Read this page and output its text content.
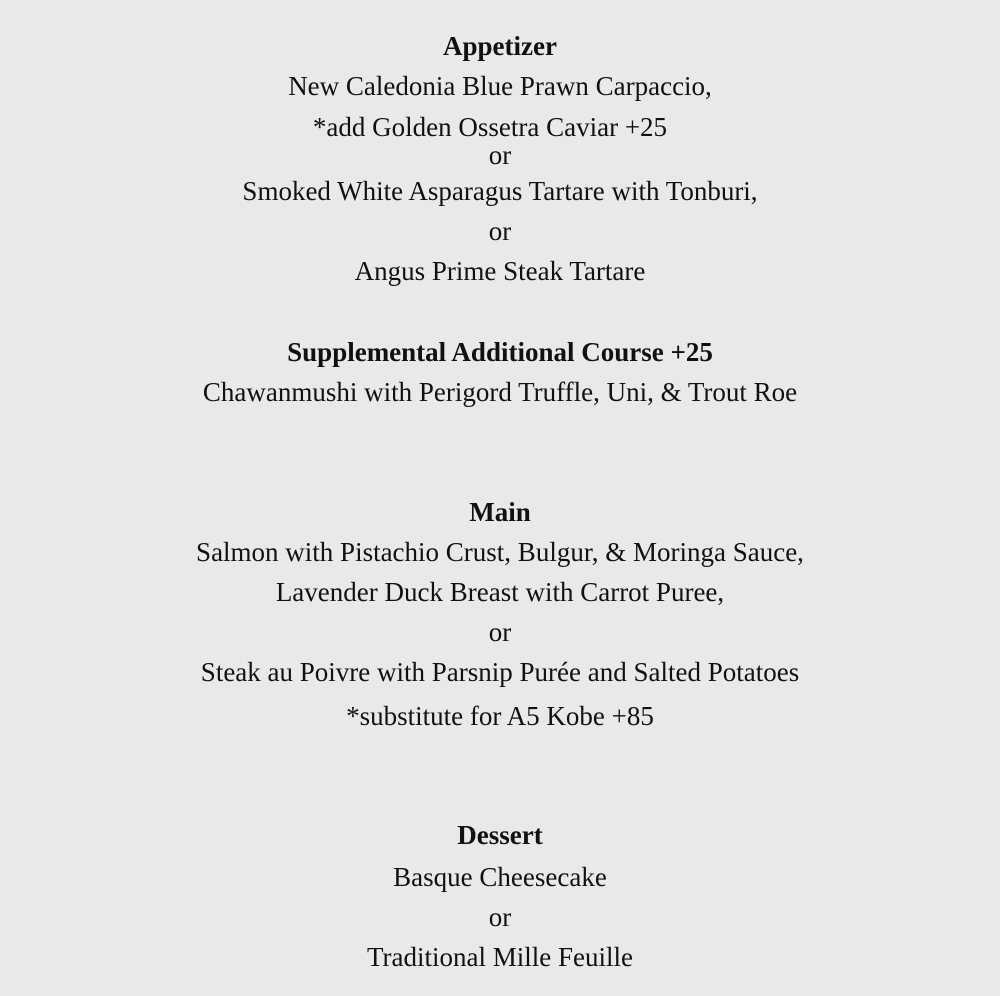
Appetizer
New Caledonia Blue Prawn Carpaccio,
*add Golden Ossetra Caviar +25
or
Smoked White Asparagus Tartare with Tonburi,
or
Angus Prime Steak Tartare
Supplemental Additional Course +25
Chawanmushi with Perigord Truffle, Uni, & Trout Roe
Main
Salmon with Pistachio Crust, Bulgur, & Moringa Sauce,
Lavender Duck Breast with Carrot Puree,
or
Steak au Poivre with Parsnip Purée and Salted Potatoes
*substitute for A5 Kobe +85
Dessert
Basque Cheesecake
or
Traditional Mille Feuille
